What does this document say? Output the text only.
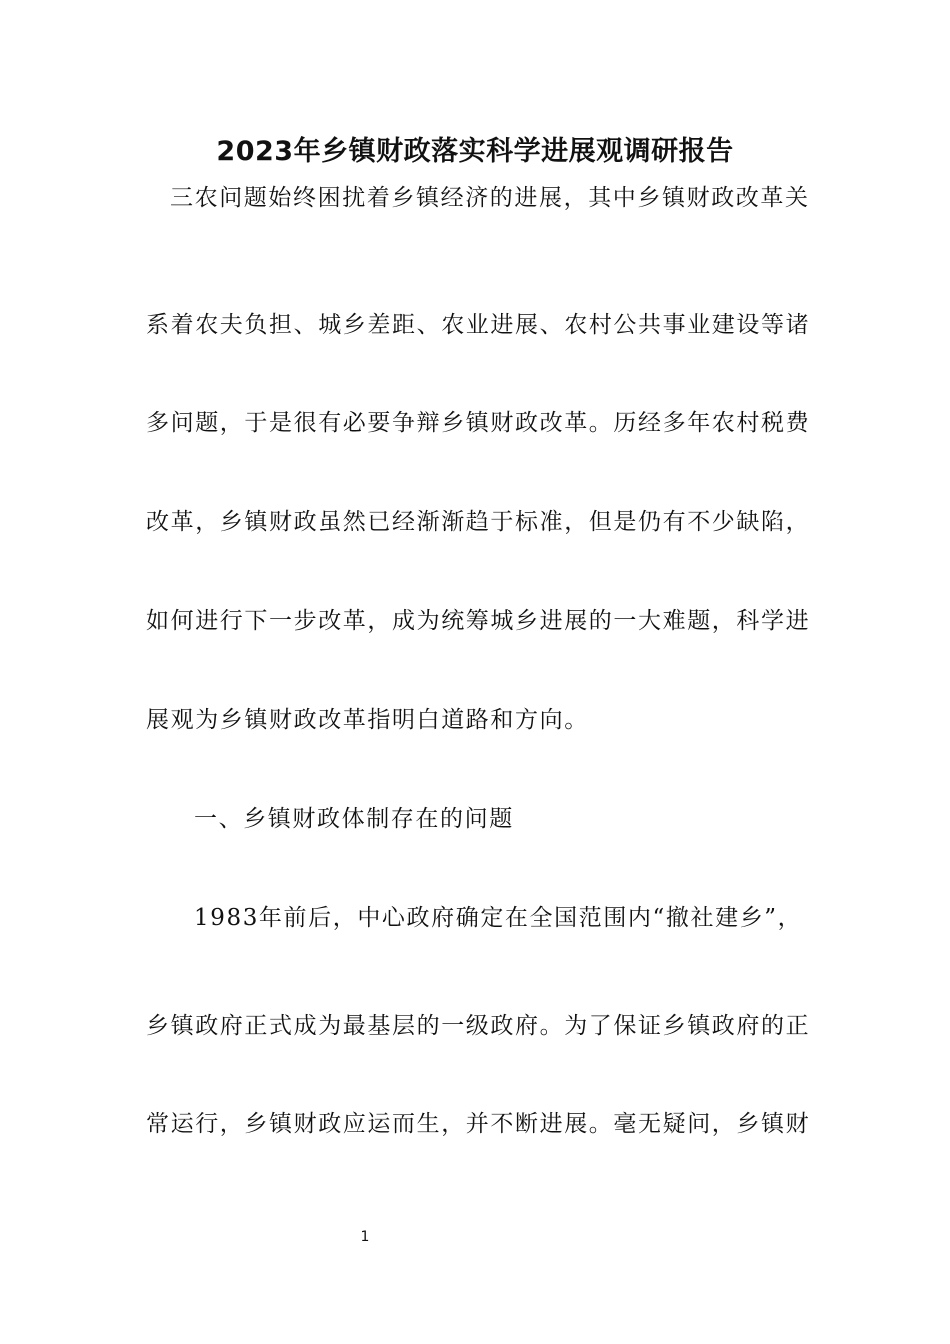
2023年乡镇财政落实科学进展观调研报告
三农问题始终困扰着乡镇经济的进展，其中乡镇财政改革关
系着农夫负担、城乡差距、农业进展、农村公共事业建设等诸
多问题，于是很有必要争辩乡镇财政改革。历经多年农村税费
改革，乡镇财政虽然已经渐渐趋于标准，但是仍有不少缺陷，
如何进行下一步改革，成为统筹城乡进展的一大难题，科学进
展观为乡镇财政改革指明白道路和方向。
一、乡镇财政体制存在的问题
1983年前后，中心政府确定在全国范围内“撤社建乡”，
乡镇政府正式成为最基层的一级政府。为了保证乡镇政府的正
常运行，乡镇财政应运而生，并不断进展。毫无疑问，乡镇财
1
